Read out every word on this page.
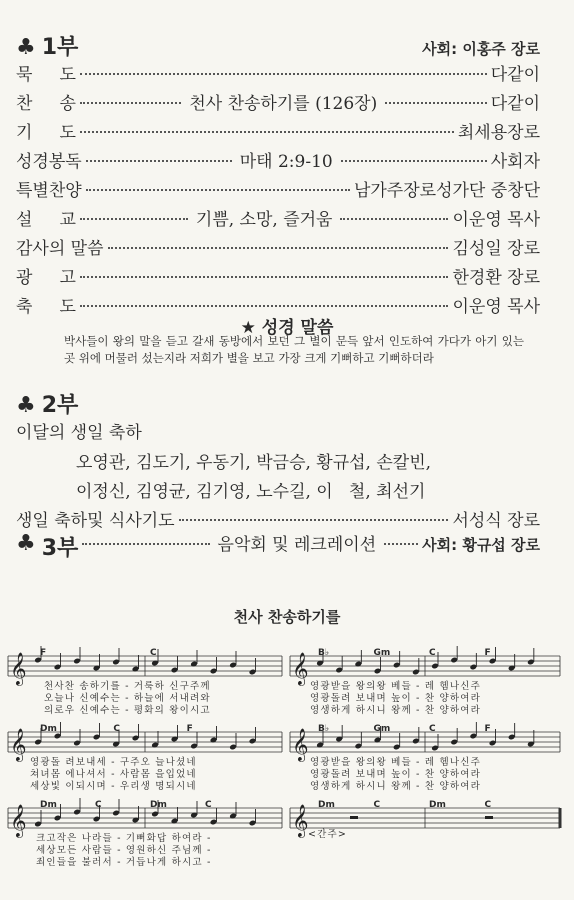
♣ 1부	사회: 이홍주 장로
묵     도	다같이
찬     송	천사 찬송하기를 (126장)	다같이
기     도	최세용장로
성경봉독	마태 2:9-10	사회자
특별찬양	남가주장로성가단 중창단
설     교	기쁨, 소망, 즐거움	이운영 목사
감사의 말씀	김성일 장로
광     고	한경환 장로
축     도	이운영 목사
★ 성경 말씀
박사들이 왕의 말을 듣고 갈새 동방에서 보던 그 별이 문득 앞서 인도하여 가다가 아기 있는 곳 위에 머물러 섰는지라 저희가 별을 보고 가장 크게 기뻐하고 기뻐하더라
♣ 2부
이달의 생일 축하
오영관, 김도기, 우동기, 박금승, 황규섭, 손칼빈,
이정신, 김영균, 김기영, 노수길, 이   철, 최선기
생일 축하및 식사기도	서성식 장로
♣ 3부	음악회 및 레크레이션	사회: 황규섭 장로
천사 찬송하기를
𝄞	𝄞
𝄞	𝄞
𝄞	𝄞
천사찬 송하기를 - 거룩하 신구주께
오늘나 신예수는 - 하늘에 서내려와
의로우 신예수는 - 평화의 왕이시고
영광받을 왕의왕 베들 - 레 헴나신주
영광돌려 보내며 높이 - 찬 양하여라
영생하게 하시니 왕께 - 찬 양하여라
영광돌 려보내세 - 구주오 늘나셨네
쳐녀몸 에나셔서 - 사람몸 을입었네
세상빛 이되시며 - 우리생 명되시네
영광받을 왕의왕 베들 - 레 헴나신주
영광돌려 보내며 높이 - 찬 양하여라
영생하게 하시니 왕께 - 찬 양하여라
크고작은 나라들 - 기뻐화답 하여라 -
세상모든 사람들 - 영원하신 주님께 -
죄인들을 불러서 - 거듭나게 하시고 -
<간주>
F	C	B♭	Gm	C	F
Dm	C	F	B♭	Gm	C	F
Dm	C	Dm	C	Dm	C	Dm	C
